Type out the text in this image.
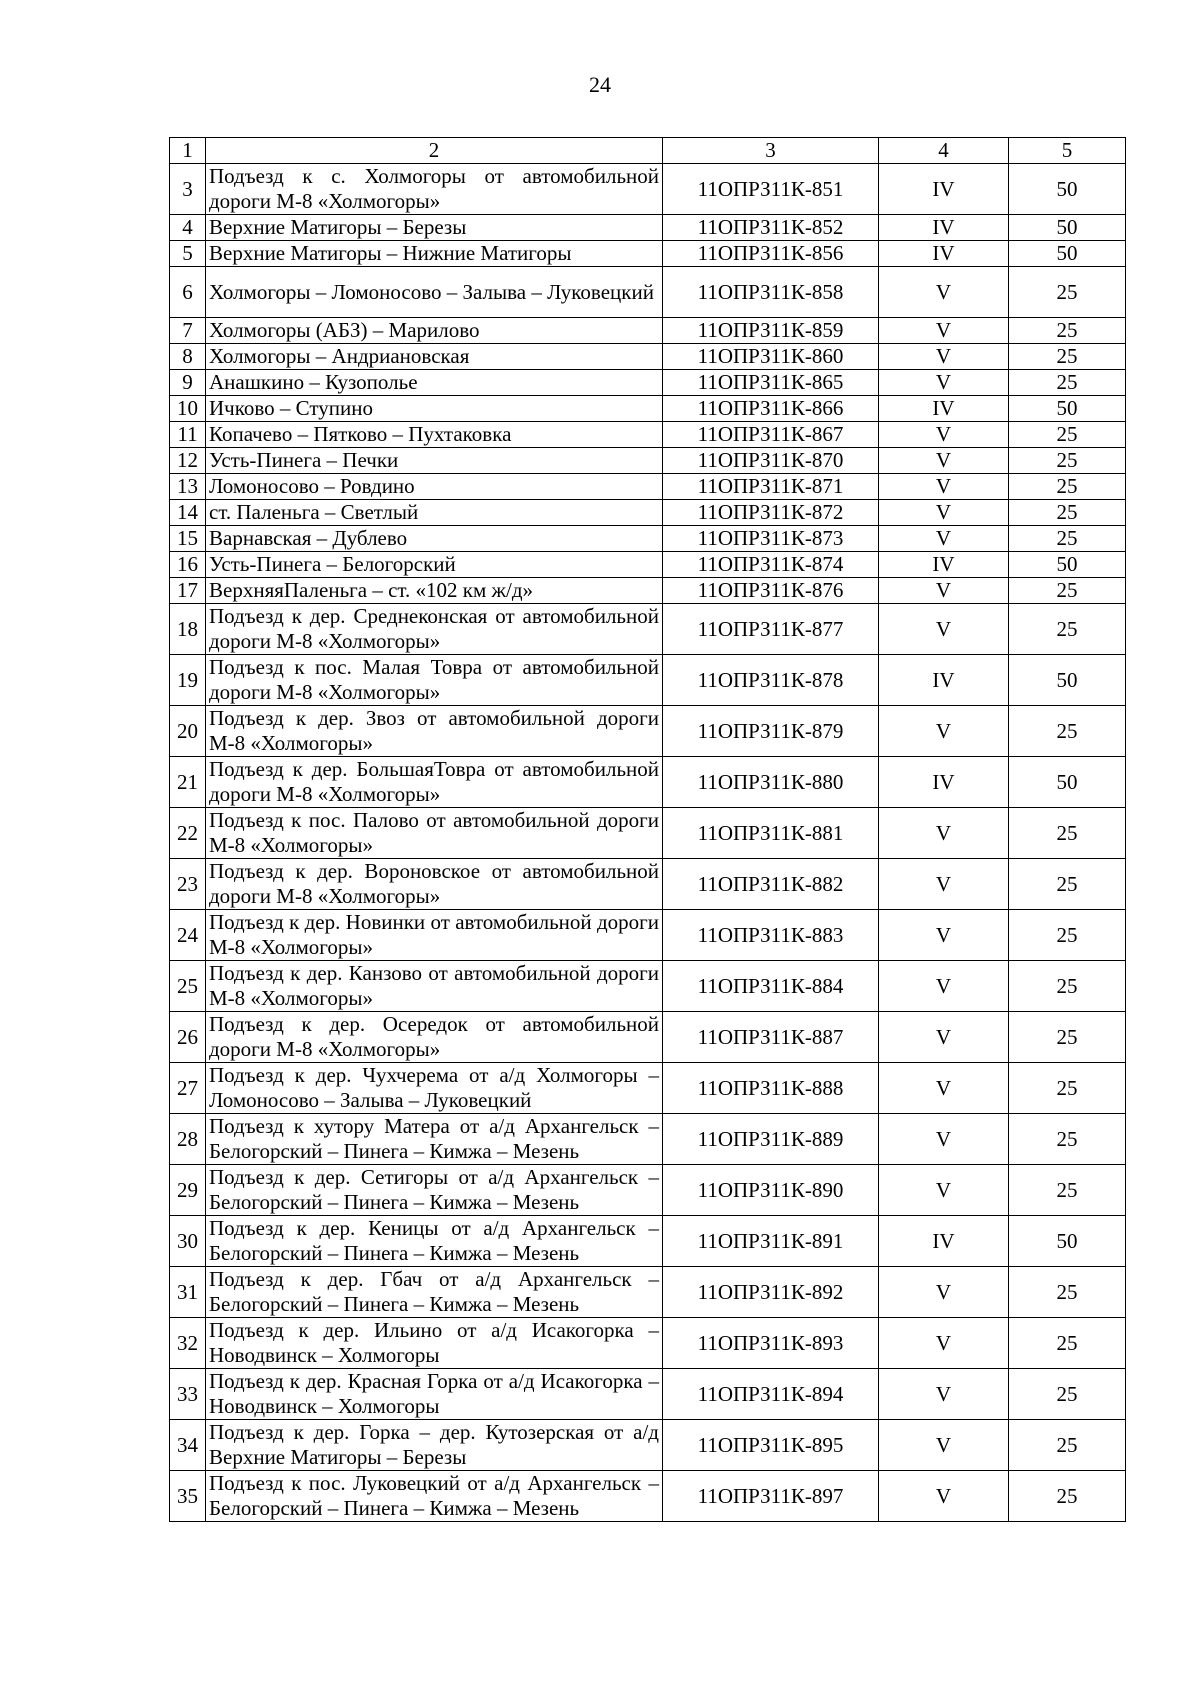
24
1	2	3	4	5
3	Подъезд к с. Холмогоры от автомобильной дороги М-8 «Холмогоры»	11ОПРЗ11К-851	IV	50
4	Верхние Матигоры – Березы	11ОПРЗ11К-852	IV	50
5	Верхние Матигоры – Нижние Матигоры	11ОПРЗ11К-856	IV	50
6	Холмогоры – Ломоносово – Залыва – Луковецкий	11ОПРЗ11К-858	V	25
7	Холмогоры (АБЗ) – Марилово	11ОПРЗ11К-859	V	25
8	Холмогоры – Андриановская	11ОПРЗ11К-860	V	25
9	Анашкино – Кузополье	11ОПРЗ11К-865	V	25
10	Ичково – Ступино	11ОПРЗ11К-866	IV	50
11	Копачево – Пятково – Пухтаковка	11ОПРЗ11К-867	V	25
12	Усть-Пинега – Печки	11ОПРЗ11К-870	V	25
13	Ломоносово – Ровдино	11ОПРЗ11К-871	V	25
14	ст. Паленьга – Светлый	11ОПРЗ11К-872	V	25
15	Варнавская – Дублево	11ОПРЗ11К-873	V	25
16	Усть-Пинега – Белогорский	11ОПРЗ11К-874	IV	50
17	ВерхняяПаленьга – ст. «102 км ж/д»	11ОПРЗ11К-876	V	25
18	Подъезд к дер. Среднеконская от автомобильной дороги М-8 «Холмогоры»	11ОПРЗ11К-877	V	25
19	Подъезд к пос. Малая Товра от автомобильной дороги М-8 «Холмогоры»	11ОПРЗ11К-878	IV	50
20	Подъезд к дер. Звоз от автомобильной дороги М-8 «Холмогоры»	11ОПРЗ11К-879	V	25
21	Подъезд к дер. БольшаяТовра от автомобильной дороги М-8 «Холмогоры»	11ОПРЗ11К-880	IV	50
22	Подъезд к пос. Палово от автомобильной дороги М-8 «Холмогоры»	11ОПРЗ11К-881	V	25
23	Подъезд к дер. Вороновское от автомобильной дороги М-8 «Холмогоры»	11ОПРЗ11К-882	V	25
24	Подъезд к дер. Новинки от автомобильной дороги М-8 «Холмогоры»	11ОПРЗ11К-883	V	25
25	Подъезд к дер. Канзово от автомобильной дороги М-8 «Холмогоры»	11ОПРЗ11К-884	V	25
26	Подъезд к дер. Осередок от автомобильной дороги М-8 «Холмогоры»	11ОПРЗ11К-887	V	25
27	Подъезд к дер. Чухчерема от а/д Холмогоры – Ломоносово – Залыва – Луковецкий	11ОПРЗ11К-888	V	25
28	Подъезд к хутору Матера от а/д Архангельск – Белогорский – Пинега – Кимжа – Мезень	11ОПРЗ11К-889	V	25
29	Подъезд к дер. Сетигоры от а/д Архангельск – Белогорский – Пинега – Кимжа – Мезень	11ОПРЗ11К-890	V	25
30	Подъезд к дер. Кеницы от а/д Архангельск – Белогорский – Пинега – Кимжа – Мезень	11ОПРЗ11К-891	IV	50
31	Подъезд к дер. Гбач от а/д Архангельск – Белогорский – Пинега – Кимжа – Мезень	11ОПРЗ11К-892	V	25
32	Подъезд к дер. Ильино от а/д Исакогорка – Новодвинск – Холмогоры	11ОПРЗ11К-893	V	25
33	Подъезд к дер. Красная Горка от а/д Исакогорка – Новодвинск – Холмогоры	11ОПРЗ11К-894	V	25
34	Подъезд к дер. Горка – дер. Кутозерская от а/д Верхние Матигоры – Березы	11ОПРЗ11К-895	V	25
35	Подъезд к пос. Луковецкий от а/д Архангельск – Белогорский – Пинега – Кимжа – Мезень	11ОПРЗ11К-897	V	25
